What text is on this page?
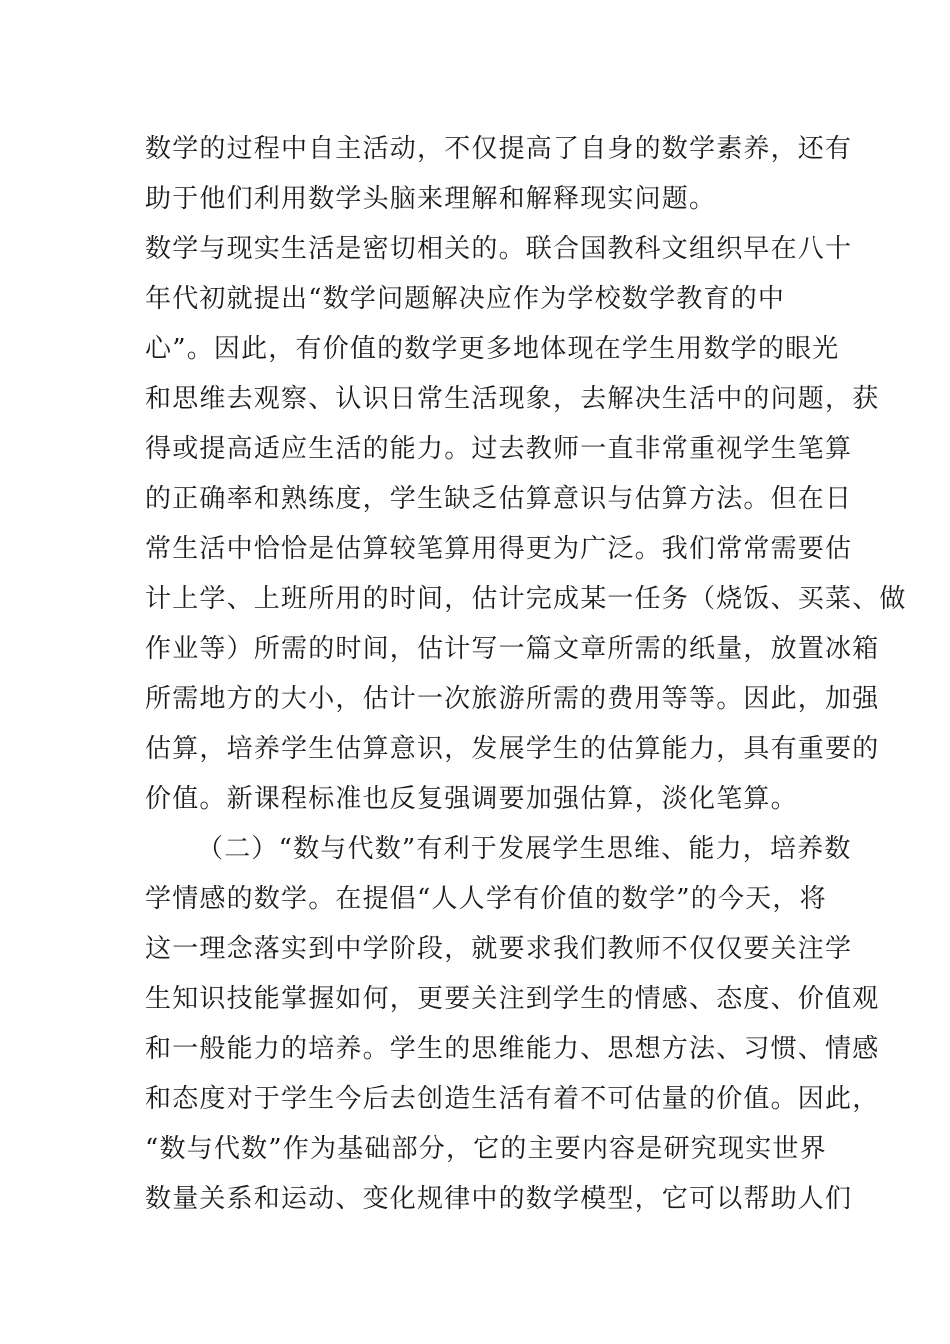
数学的过程中自主活动，不仅提高了自身的数学素养，还有
助于他们利用数学头脑来理解和解释现实问题。
数学与现实生活是密切相关的。联合国教科文组织早在八十
年代初就提出“数学问题解决应作为学校数学教育的中
心”。因此，有价值的数学更多地体现在学生用数学的眼光
和思维去观察、认识日常生活现象，去解决生活中的问题，获
得或提高适应生活的能力。过去教师一直非常重视学生笔算
的正确率和熟练度，学生缺乏估算意识与估算方法。但在日
常生活中恰恰是估算较笔算用得更为广泛。我们常常需要估
计上学、上班所用的时间，估计完成某一任务（烧饭、买菜、做
作业等）所需的时间，估计写一篇文章所需的纸量，放置冰箱
所需地方的大小，估计一次旅游所需的费用等等。因此，加强
估算，培养学生估算意识，发展学生的估算能力，具有重要的
价值。新课程标准也反复强调要加强估算，淡化笔算。
（二）“数与代数”有利于发展学生思维、能力，培养数
学情感的数学。在提倡“人人学有价值的数学”的今天，将
这一理念落实到中学阶段，就要求我们教师不仅仅要关注学
生知识技能掌握如何，更要关注到学生的情感、态度、价值观
和一般能力的培养。学生的思维能力、思想方法、习惯、情感
和态度对于学生今后去创造生活有着不可估量的价值。因此，
“数与代数”作为基础部分，它的主要内容是研究现实世界
数量关系和运动、变化规律中的数学模型，它可以帮助人们
